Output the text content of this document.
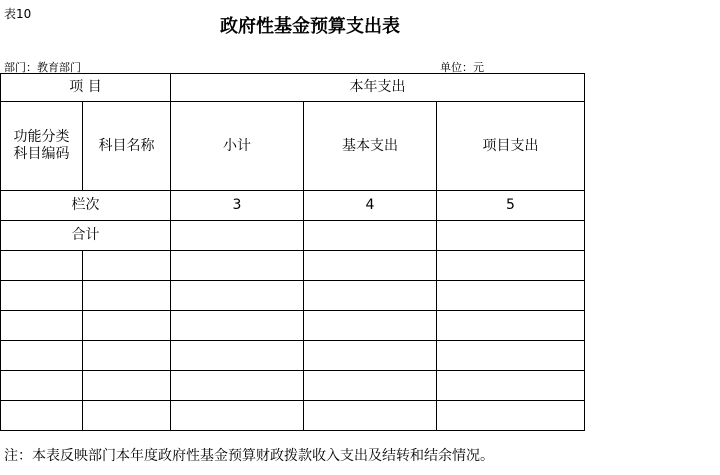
表10
政府性基金预算支出表
部门：教育部门	单位：元
项 目		本年支出		
功能分类科目编码	科目名称	小计	基本支出	项目支出
栏次		3	4	5
合计				

注：本表反映部门本年度政府性基金预算财政拨款收入支出及结转和结余情况。
